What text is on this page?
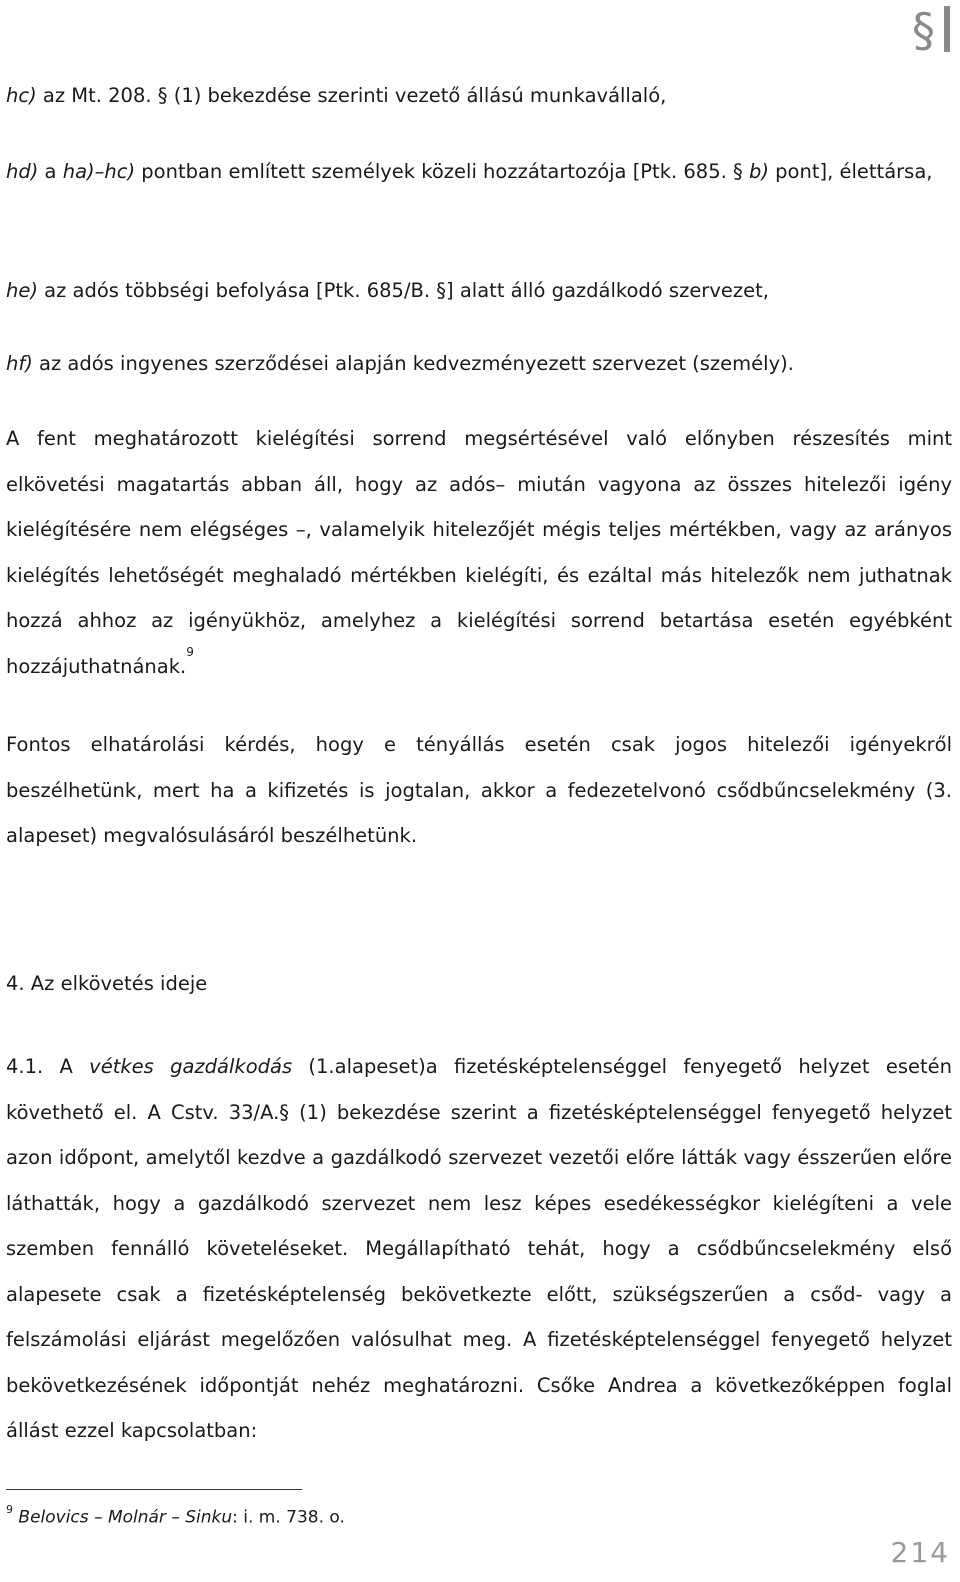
§

hc) az Mt. 208. § (1) bekezdése szerinti vezető állású munkavállaló,

hd) a ha)–hc) pontban említett személyek közeli hozzátartozója [Ptk. 685. § b) pont], élettársa,

he) az adós többségi befolyása [Ptk. 685/B. §] alatt álló gazdálkodó szervezet,

hf) az adós ingyenes szerződései alapján kedvezményezett szervezet (személy).

A fent meghatározott kielégítési sorrend megsértésével való előnyben részesítés mint elkövetési magatartás abban áll, hogy az adós– miután vagyona az összes hitelezői igény kielégítésére nem elégséges –, valamelyik hitelezőjét mégis teljes mértékben, vagy az arányos kielégítés lehetőségét meghaladó mértékben kielégíti, és ezáltal más hitelezők nem juthatnak hozzá ahhoz az igényükhöz, amelyhez a kielégítési sorrend betartása esetén egyébként hozzájuthatnának.$^9$

Fontos elhatárolási kérdés, hogy e tényállás esetén csak jogos hitelezői igényekről beszélhetünk, mert ha a kifizetés is jogtalan, akkor a fedezetelvonó csődbűncselekmény (3. alapeset) megvalósulásáról beszélhetünk.

4. Az elkövetés ideje

4.1. A vétkes gazdálkodás (1.alapeset)a fizetésképtelenséggel fenyegető helyzet esetén követhető el. A Cstv. 33/A.§ (1) bekezdése szerint a fizetésképtelenséggel fenyegető helyzet azon időpont, amelytől kezdve a gazdálkodó szervezet vezetői előre látták vagy ésszerűen előre láthatták, hogy a gazdálkodó szervezet nem lesz képes esedékességkor kielégíteni a vele szemben fennálló követeléseket. Megállapítható tehát, hogy a csődbűncselekmény első alapesete csak a fizetésképtelenség bekövetkezte előtt, szükségszerűen a csőd- vagy a felszámolási eljárást megelőzően valósulhat meg. A fizetésképtelenséggel fenyegető helyzet bekövetkezésének időpontját nehéz meghatározni. Csőke Andrea a következőképpen foglal állást ezzel kapcsolatban:

$^9$ Belovics – Molnár – Sinku: i. m. 738. o.
214
